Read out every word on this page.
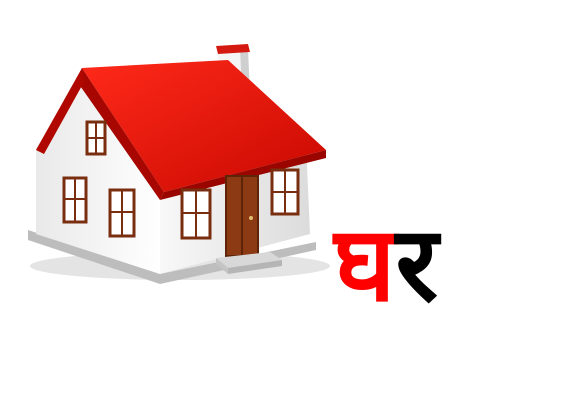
घ र
